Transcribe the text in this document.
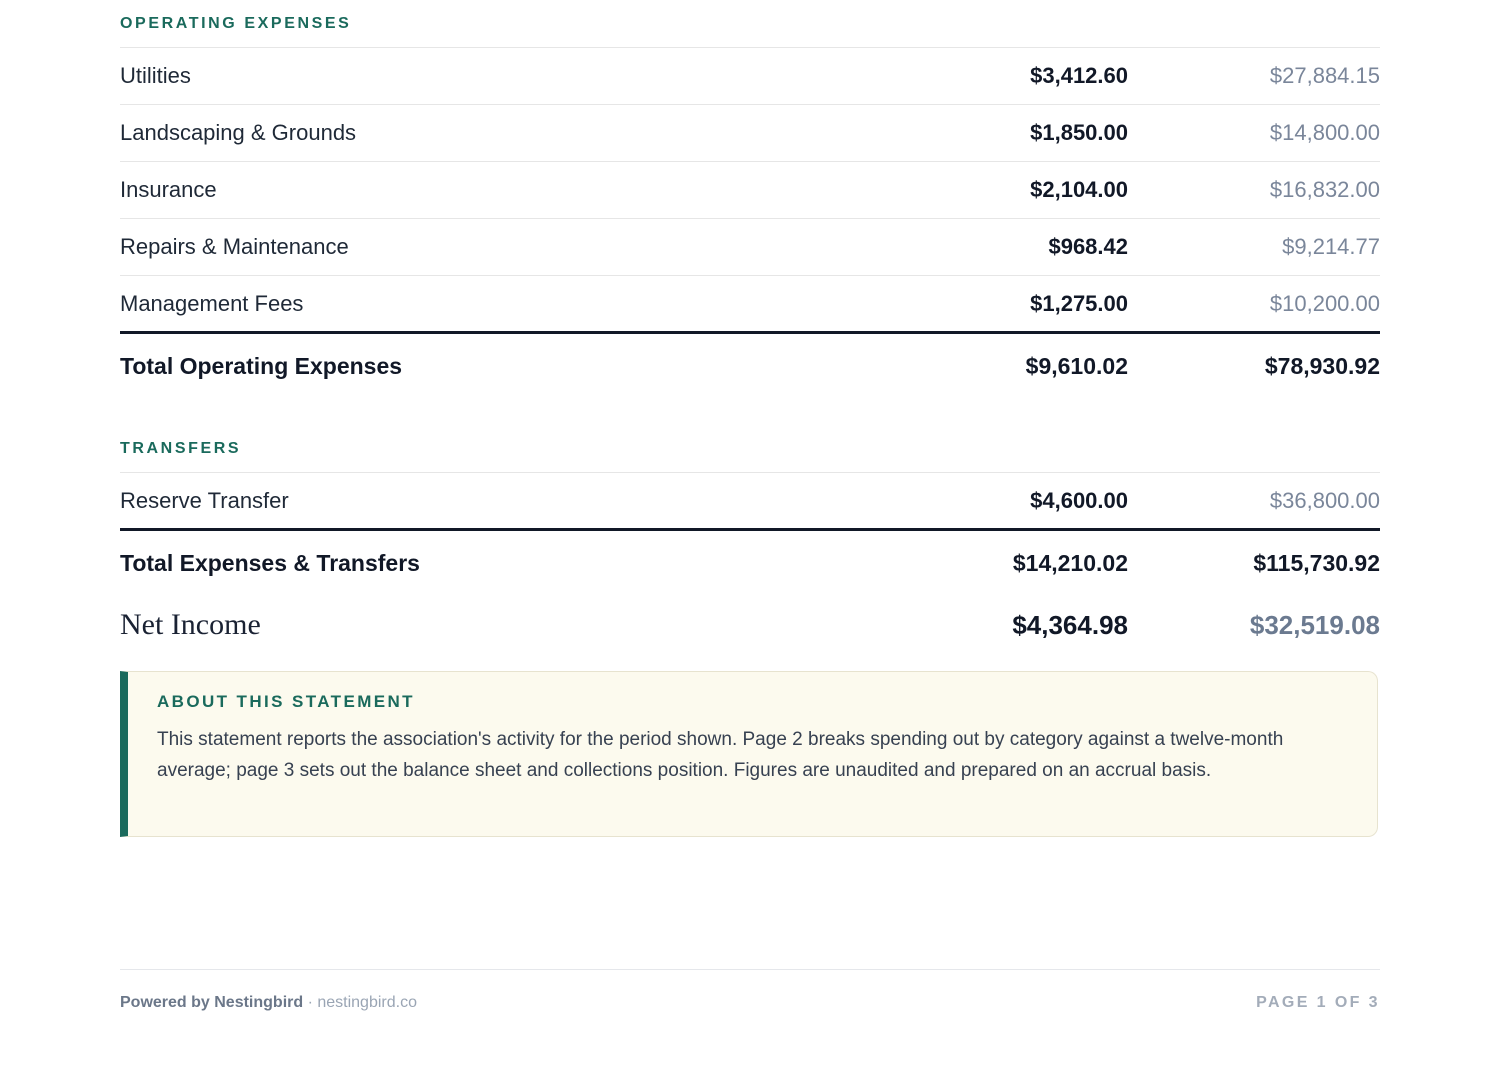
OPERATING EXPENSES
Utilities	$3,412.60	$27,884.15
Landscaping & Grounds	$1,850.00	$14,800.00
Insurance	$2,104.00	$16,832.00
Repairs & Maintenance	$968.42	$9,214.77
Management Fees	$1,275.00	$10,200.00
Total Operating Expenses	$9,610.02	$78,930.92
TRANSFERS
Reserve Transfer	$4,600.00	$36,800.00
Total Expenses & Transfers	$14,210.02	$115,730.92
Net Income	$4,364.98	$32,519.08
ABOUT THIS STATEMENT
This statement reports the association's activity for the period shown. Page 2 breaks spending out by category against a twelve-month average; page 3 sets out the balance sheet and collections position. Figures are unaudited and prepared on an accrual basis.
Powered by Nestingbird · nestingbird.co	PAGE 1 OF 3
